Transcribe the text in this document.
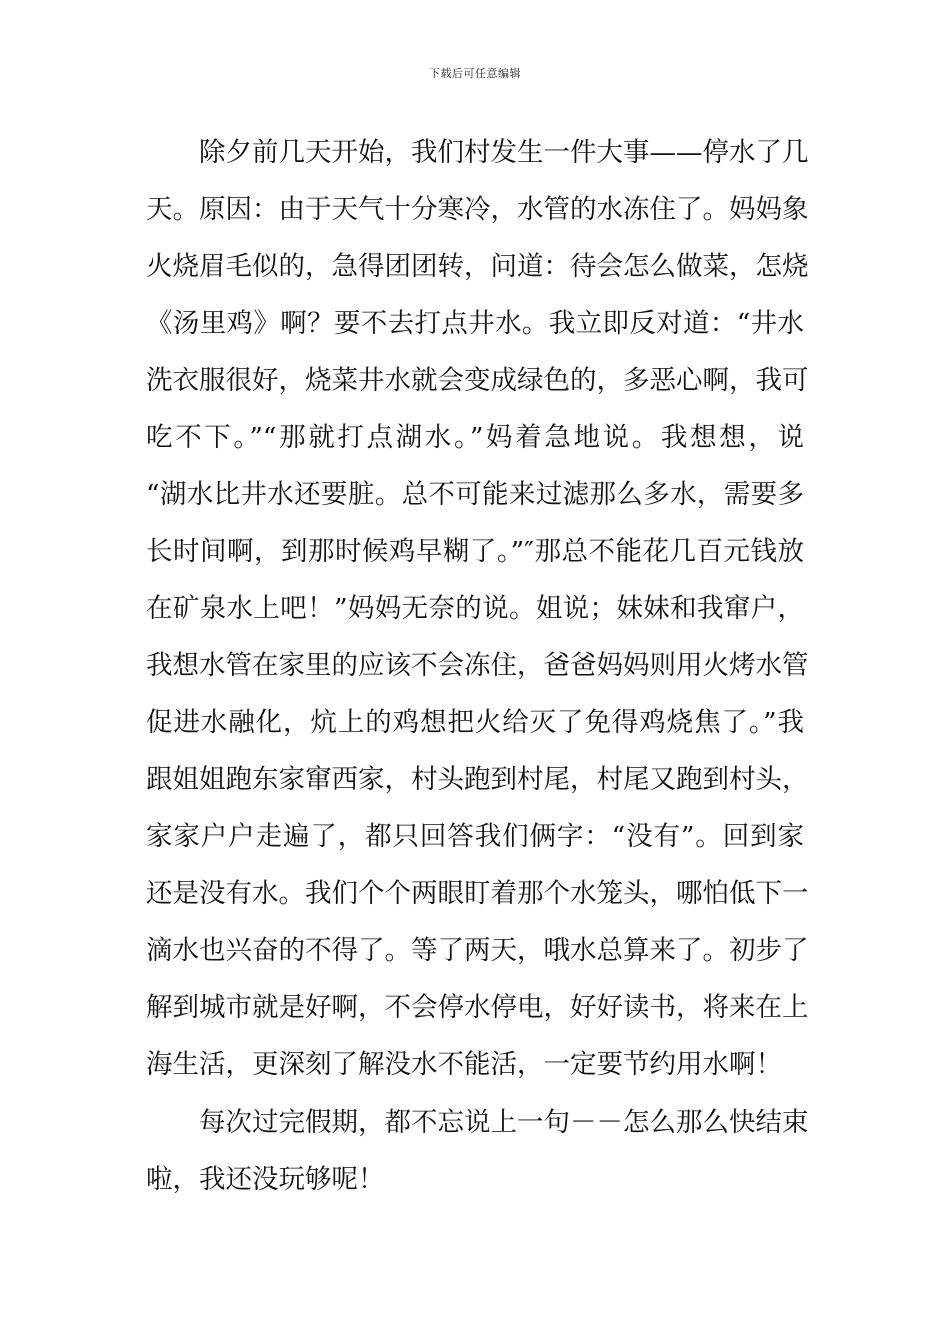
下载后可任意编辑
　　除夕前几天开始，我们村发生一件大事——停水了几
天。原因：由于天气十分寒冷，水管的水冻住了。妈妈象
火烧眉毛似的，急得团团转，问道：待会怎么做菜，怎烧
《汤里鸡》啊？要不去打点井水。我立即反对道：“井水
洗衣服很好，烧菜井水就会变成绿色的，多恶心啊，我可
吃不下。”“那就打点湖水。”妈着急地说。我想想，说
“湖水比井水还要脏。总不可能来过滤那么多水，需要多
长时间啊，到那时候鸡早糊了。”″那总不能花几百元钱放
在矿泉水上吧！”妈妈无奈的说。姐说；妹妹和我窜户，
我想水管在家里的应该不会冻住，爸爸妈妈则用火烤水管
促进水融化，炕上的鸡想把火给灭了免得鸡烧焦了。”我
跟姐姐跑东家窜西家，村头跑到村尾，村尾又跑到村头，
家家户户走遍了，都只回答我们俩字：“没有”。回到家
还是没有水。我们个个两眼盯着那个水笼头，哪怕低下一
滴水也兴奋的不得了。等了两天，哦水总算来了。初步了
解到城市就是好啊，不会停水停电，好好读书，将来在上
海生活，更深刻了解没水不能活，一定要节约用水啊！
　　每次过完假期，都不忘说上一句－－怎么那么快结束
啦，我还没玩够呢！
